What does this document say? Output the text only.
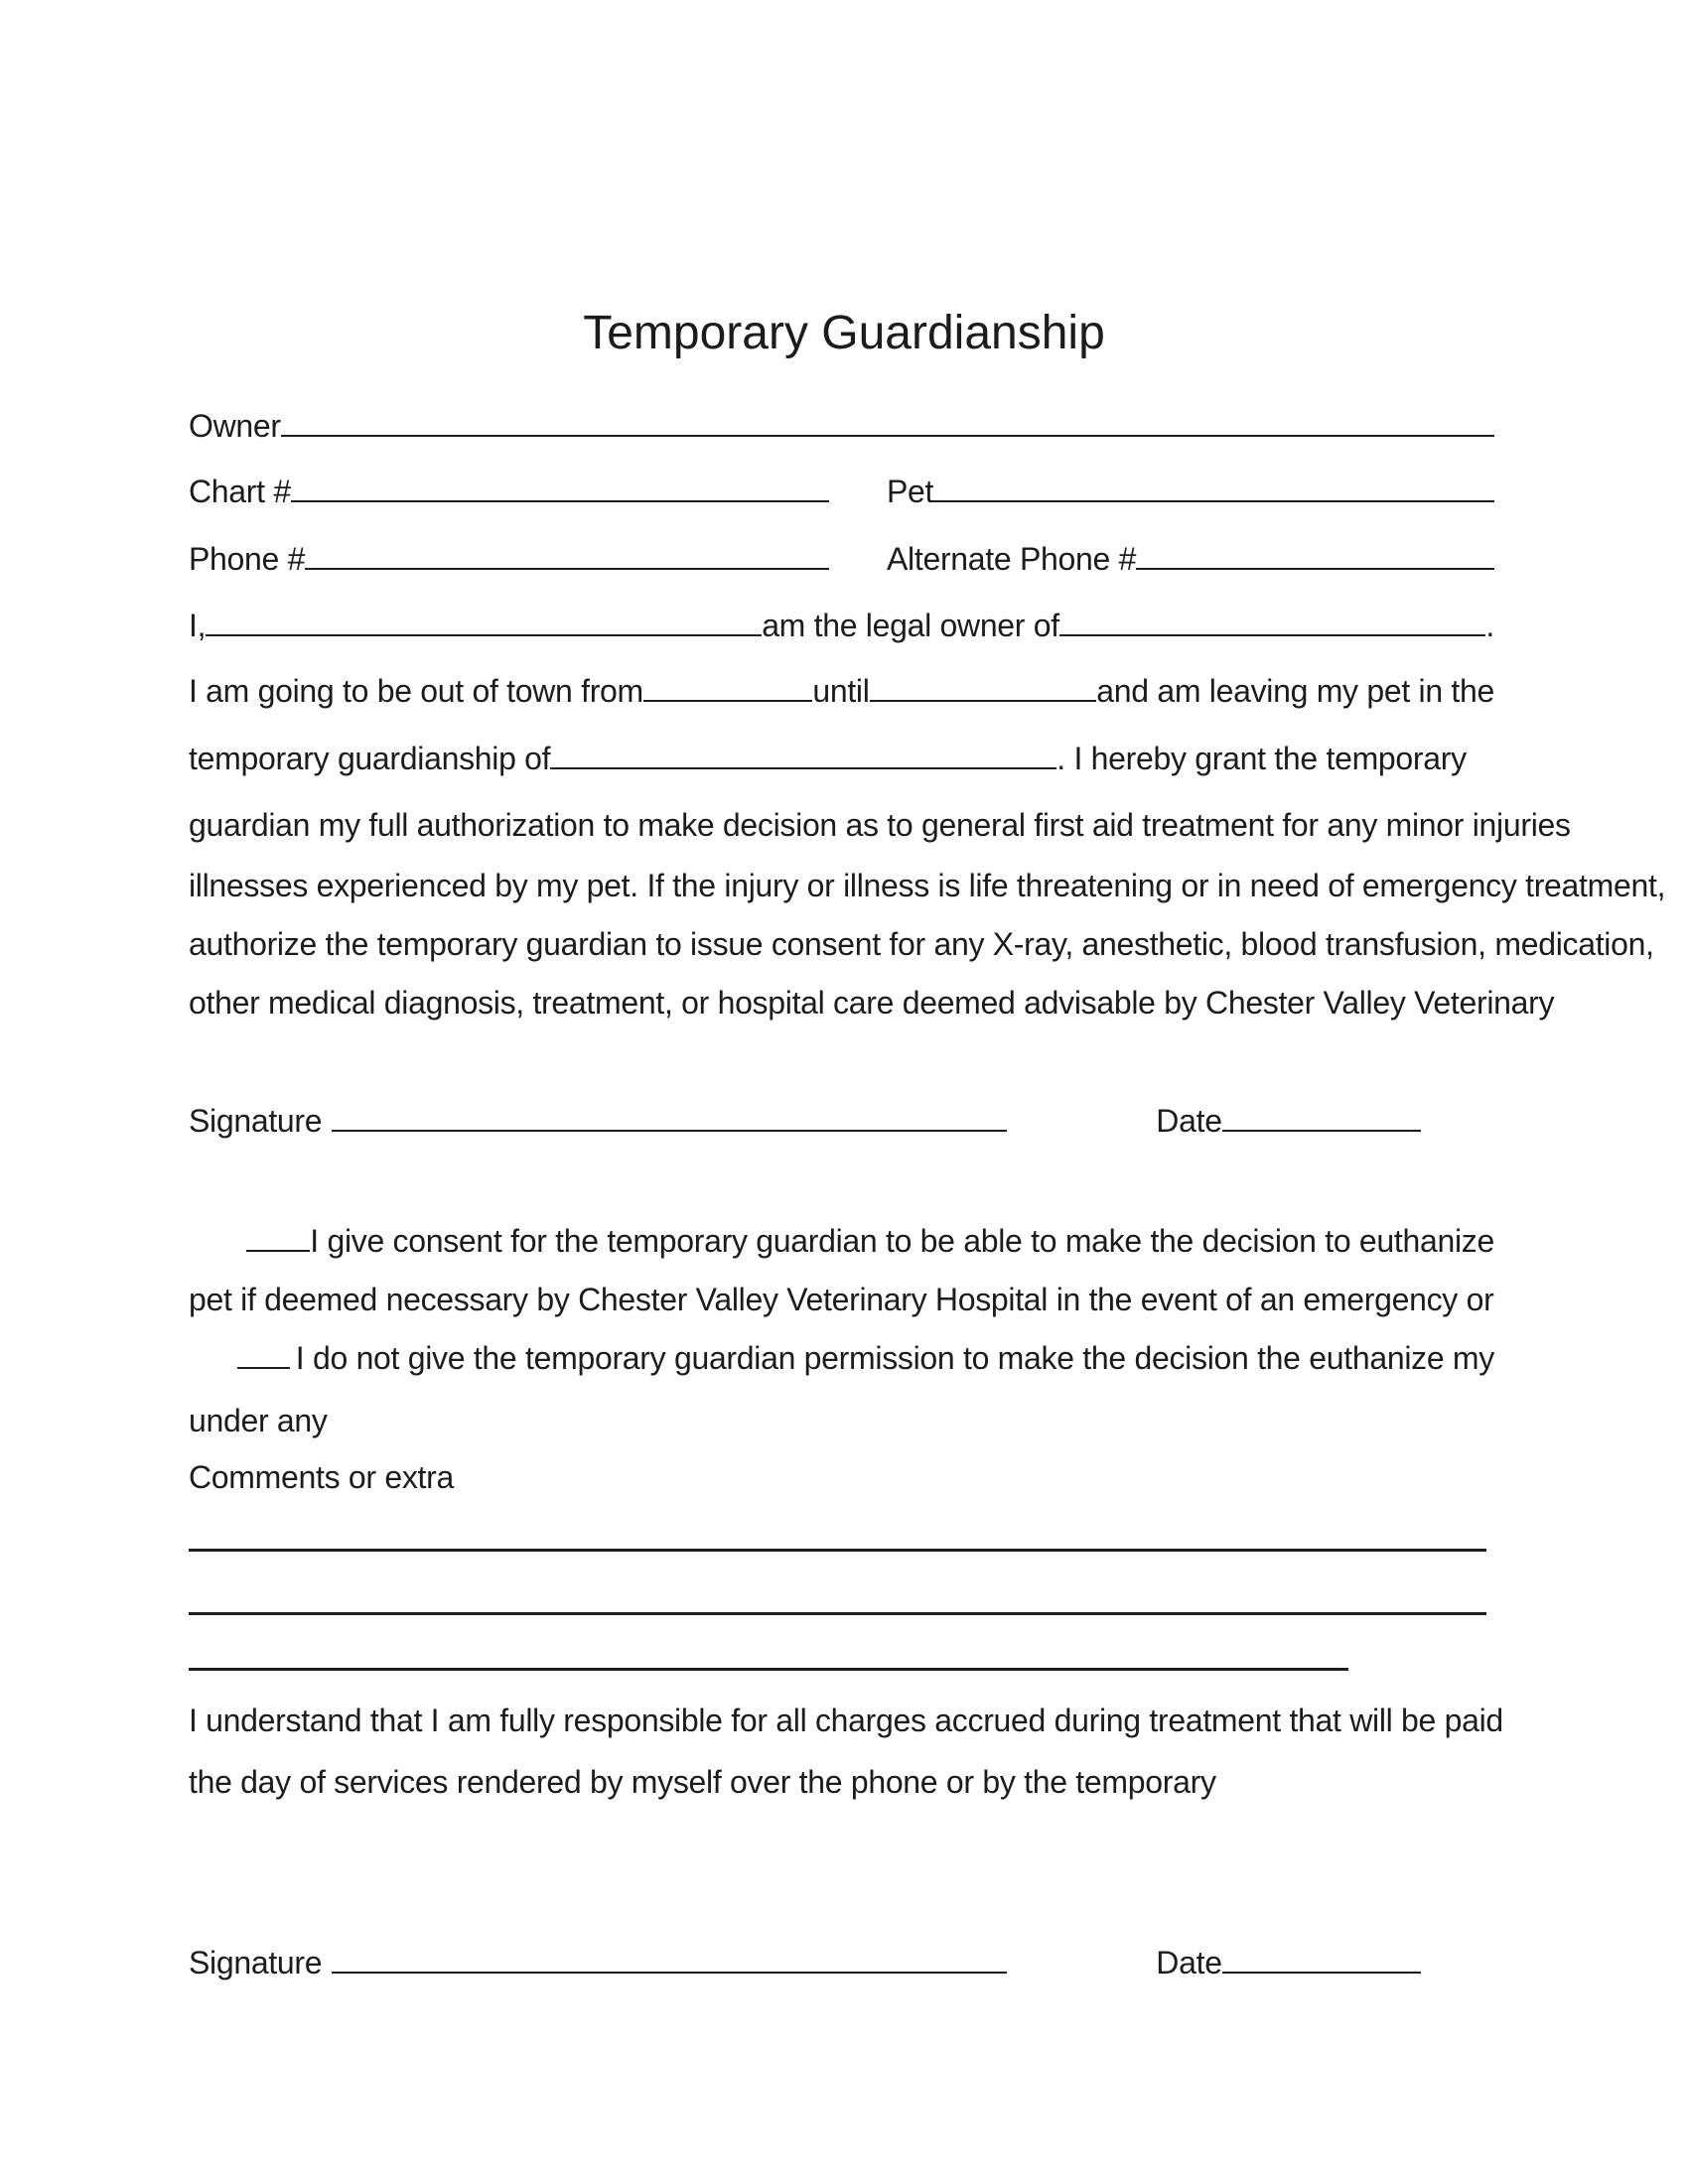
Temporary Guardianship
Owner
Chart #	Pet
Phone #	Alternate Phone #
I,	am the legal owner of	.
I am going to be out of town from	until	and am leaving my pet in the
temporary guardianship of	. I hereby grant the temporary
guardian my full authorization to make decision as to general first aid treatment for any minor injuries
illnesses experienced by my pet. If the injury or illness is life threatening or in need of emergency treatment,
authorize the temporary guardian to issue consent for any X-ray, anesthetic, blood transfusion, medication,
other medical diagnosis, treatment, or hospital care deemed advisable by Chester Valley Veterinary
Signature	Date
I give consent for the temporary guardian to be able to make the decision to euthanize
pet if deemed necessary by Chester Valley Veterinary Hospital in the event of an emergency or
I do not give the temporary guardian permission to make the decision the euthanize my
under any
Comments or extra
I understand that I am fully responsible for all charges accrued during treatment that will be paid
the day of services rendered by myself over the phone or by the temporary
Signature	Date
